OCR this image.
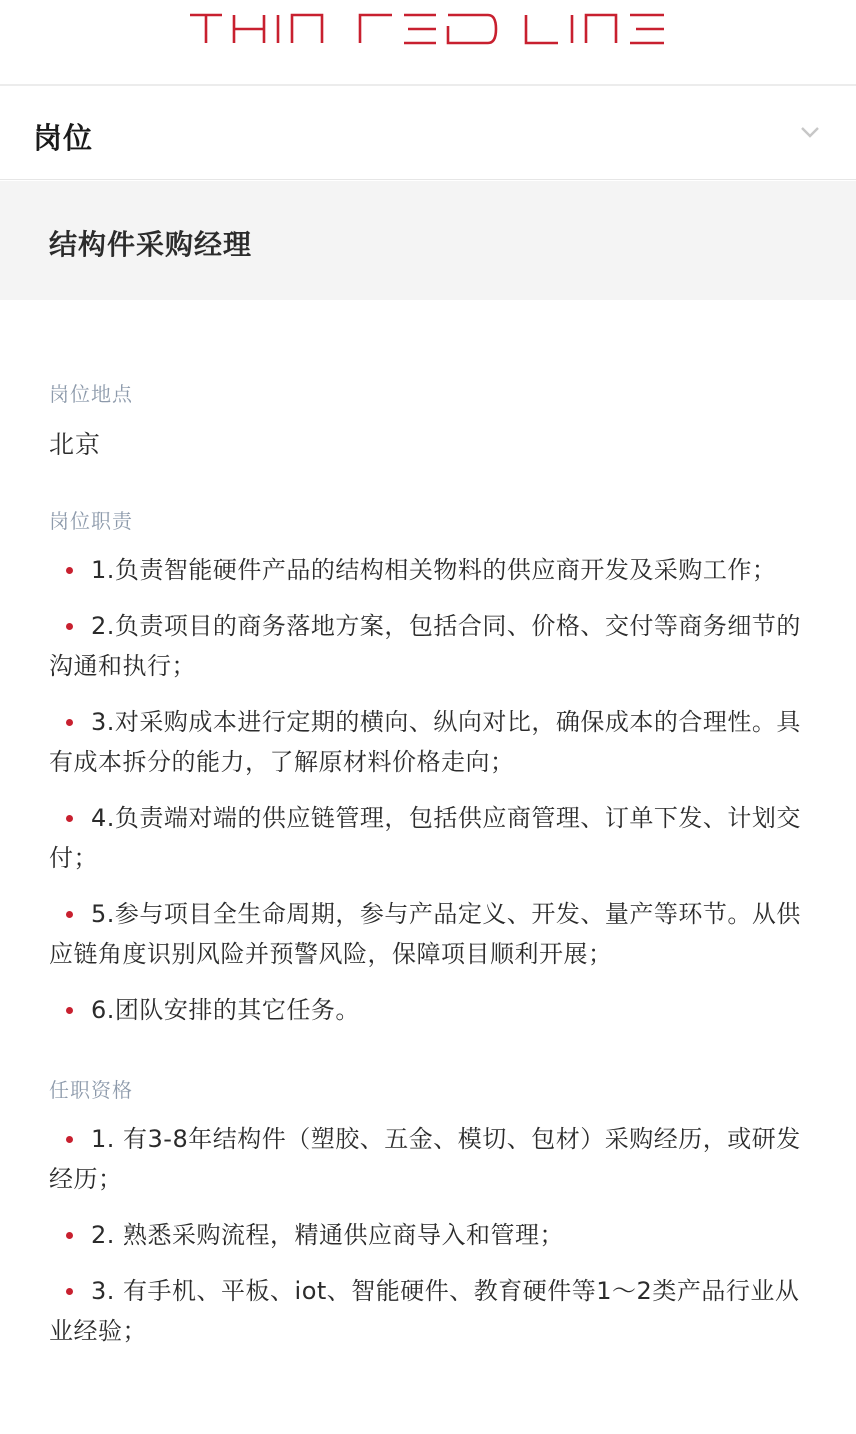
岗位
结构件采购经理
岗位地点
北京
岗位职责
1.负责智能硬件产品的结构相关物料的供应商开发及采购工作；
2.负责项目的商务落地方案，包括合同、价格、交付等商务细节的沟通和执行；
3.对采购成本进行定期的横向、纵向对比，确保成本的合理性。具有成本拆分的能力，了解原材料价格走向；
4.负责端对端的供应链管理，包括供应商管理、订单下发、计划交付；
5.参与项目全生命周期，参与产品定义、开发、量产等环节。从供应链角度识别风险并预警风险，保障项目顺利开展；
6.团队安排的其它任务。
任职资格
1. 有3-8年结构件（塑胶、五金、模切、包材）采购经历，或研发经历；
2. 熟悉采购流程，精通供应商导入和管理；
3. 有手机、平板、iot、智能硬件、教育硬件等1～2类产品行业从业经验；
